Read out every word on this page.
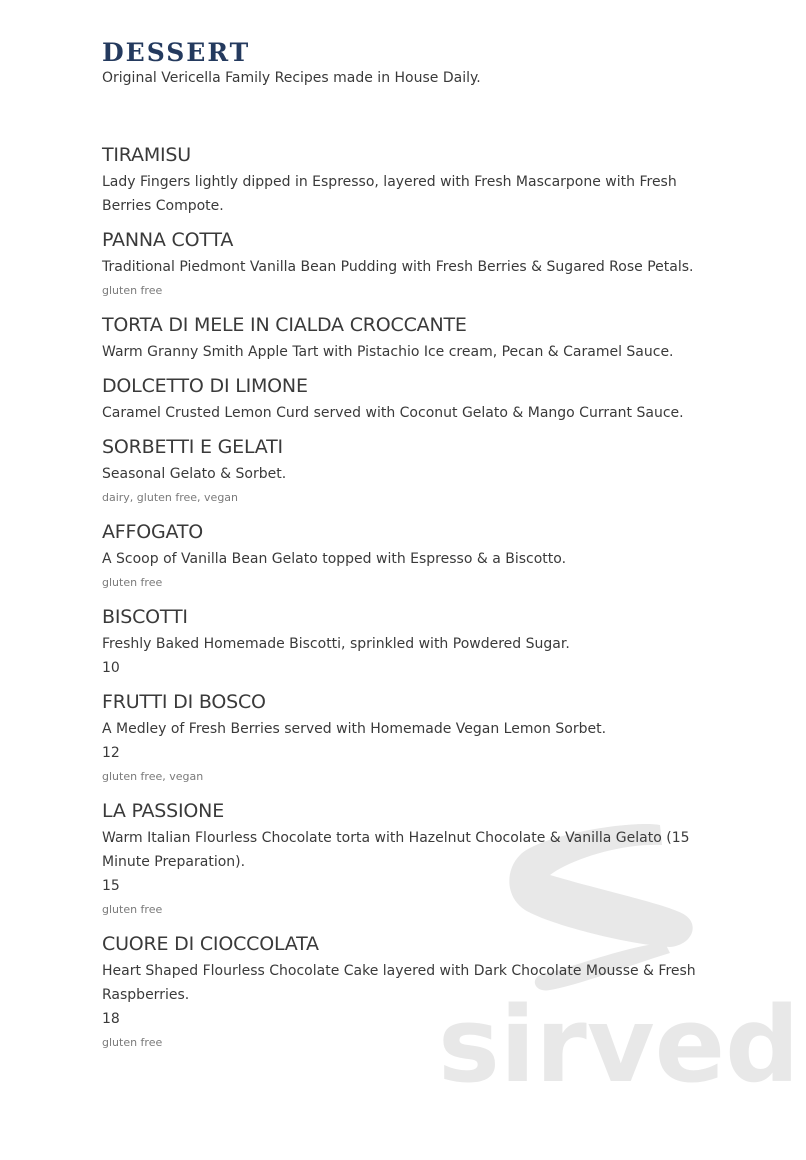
sirved
DESSERT

Original Vericella Family Recipes made in House Daily.

TIRAMISU
Lady Fingers lightly dipped in Espresso, layered with Fresh Mascarpone with Fresh Berries Compote.
PANNA COTTA
Traditional Piedmont Vanilla Bean Pudding with Fresh Berries & Sugared Rose Petals.
gluten free
TORTA DI MELE IN CIALDA CROCCANTE
Warm Granny Smith Apple Tart with Pistachio Ice cream, Pecan & Caramel Sauce.
DOLCETTO DI LIMONE
Caramel Crusted Lemon Curd served with Coconut Gelato & Mango Currant Sauce.
SORBETTI E GELATI
Seasonal Gelato & Sorbet.
dairy, gluten free, vegan
AFFOGATO
A Scoop of Vanilla Bean Gelato topped with Espresso & a Biscotto.
gluten free
BISCOTTI
Freshly Baked Homemade Biscotti, sprinkled with Powdered Sugar.
10
FRUTTI DI BOSCO
A Medley of Fresh Berries served with Homemade Vegan Lemon Sorbet.
12
gluten free, vegan
LA PASSIONE
Warm Italian Flourless Chocolate torta with Hazelnut Chocolate & Vanilla Gelato (15 Minute Preparation).
15
gluten free
CUORE DI CIOCCOLATA
Heart Shaped Flourless Chocolate Cake layered with Dark Chocolate Mousse & Fresh Raspberries.
18
gluten free
